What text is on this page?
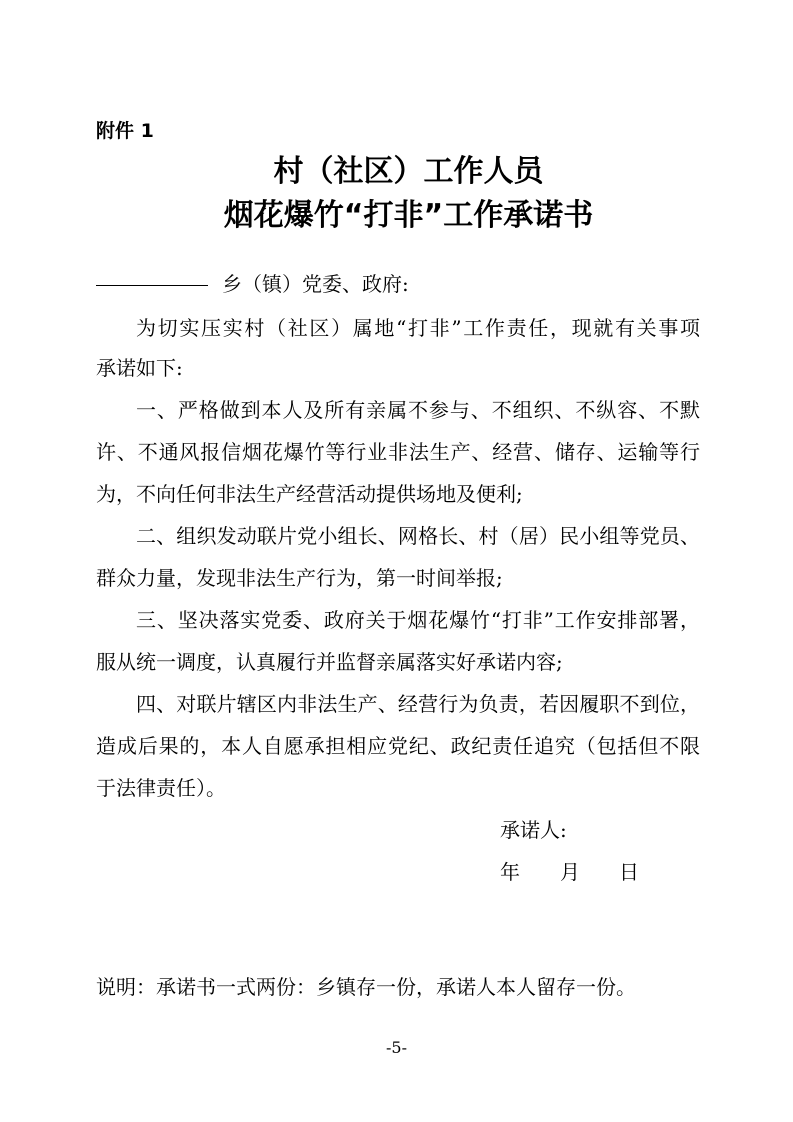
附件 1
村（社区）工作人员
烟花爆竹“打非”工作承诺书
乡（镇）党委、政府:
为切实压实村（社区）属地“打非”工作责任，现就有关事项
承诺如下:
一、严格做到本人及所有亲属不参与、不组织、不纵容、不默
许、不通风报信烟花爆竹等行业非法生产、经营、储存、运输等行
为，不向任何非法生产经营活动提供场地及便利;
二、组织发动联片党小组长、网格长、村（居）民小组等党员、
群众力量，发现非法生产行为，第一时间举报;
三、坚决落实党委、政府关于烟花爆竹“打非”工作安排部署，
服从统一调度，认真履行并监督亲属落实好承诺内容;
四、对联片辖区内非法生产、经营行为负责，若因履职不到位，
造成后果的，本人自愿承担相应党纪、政纪责任追究（包括但不限
于法律责任）。
承诺人:
年 月 日
说明：承诺书一式两份：乡镇存一份，承诺人本人留存一份。
-5-
